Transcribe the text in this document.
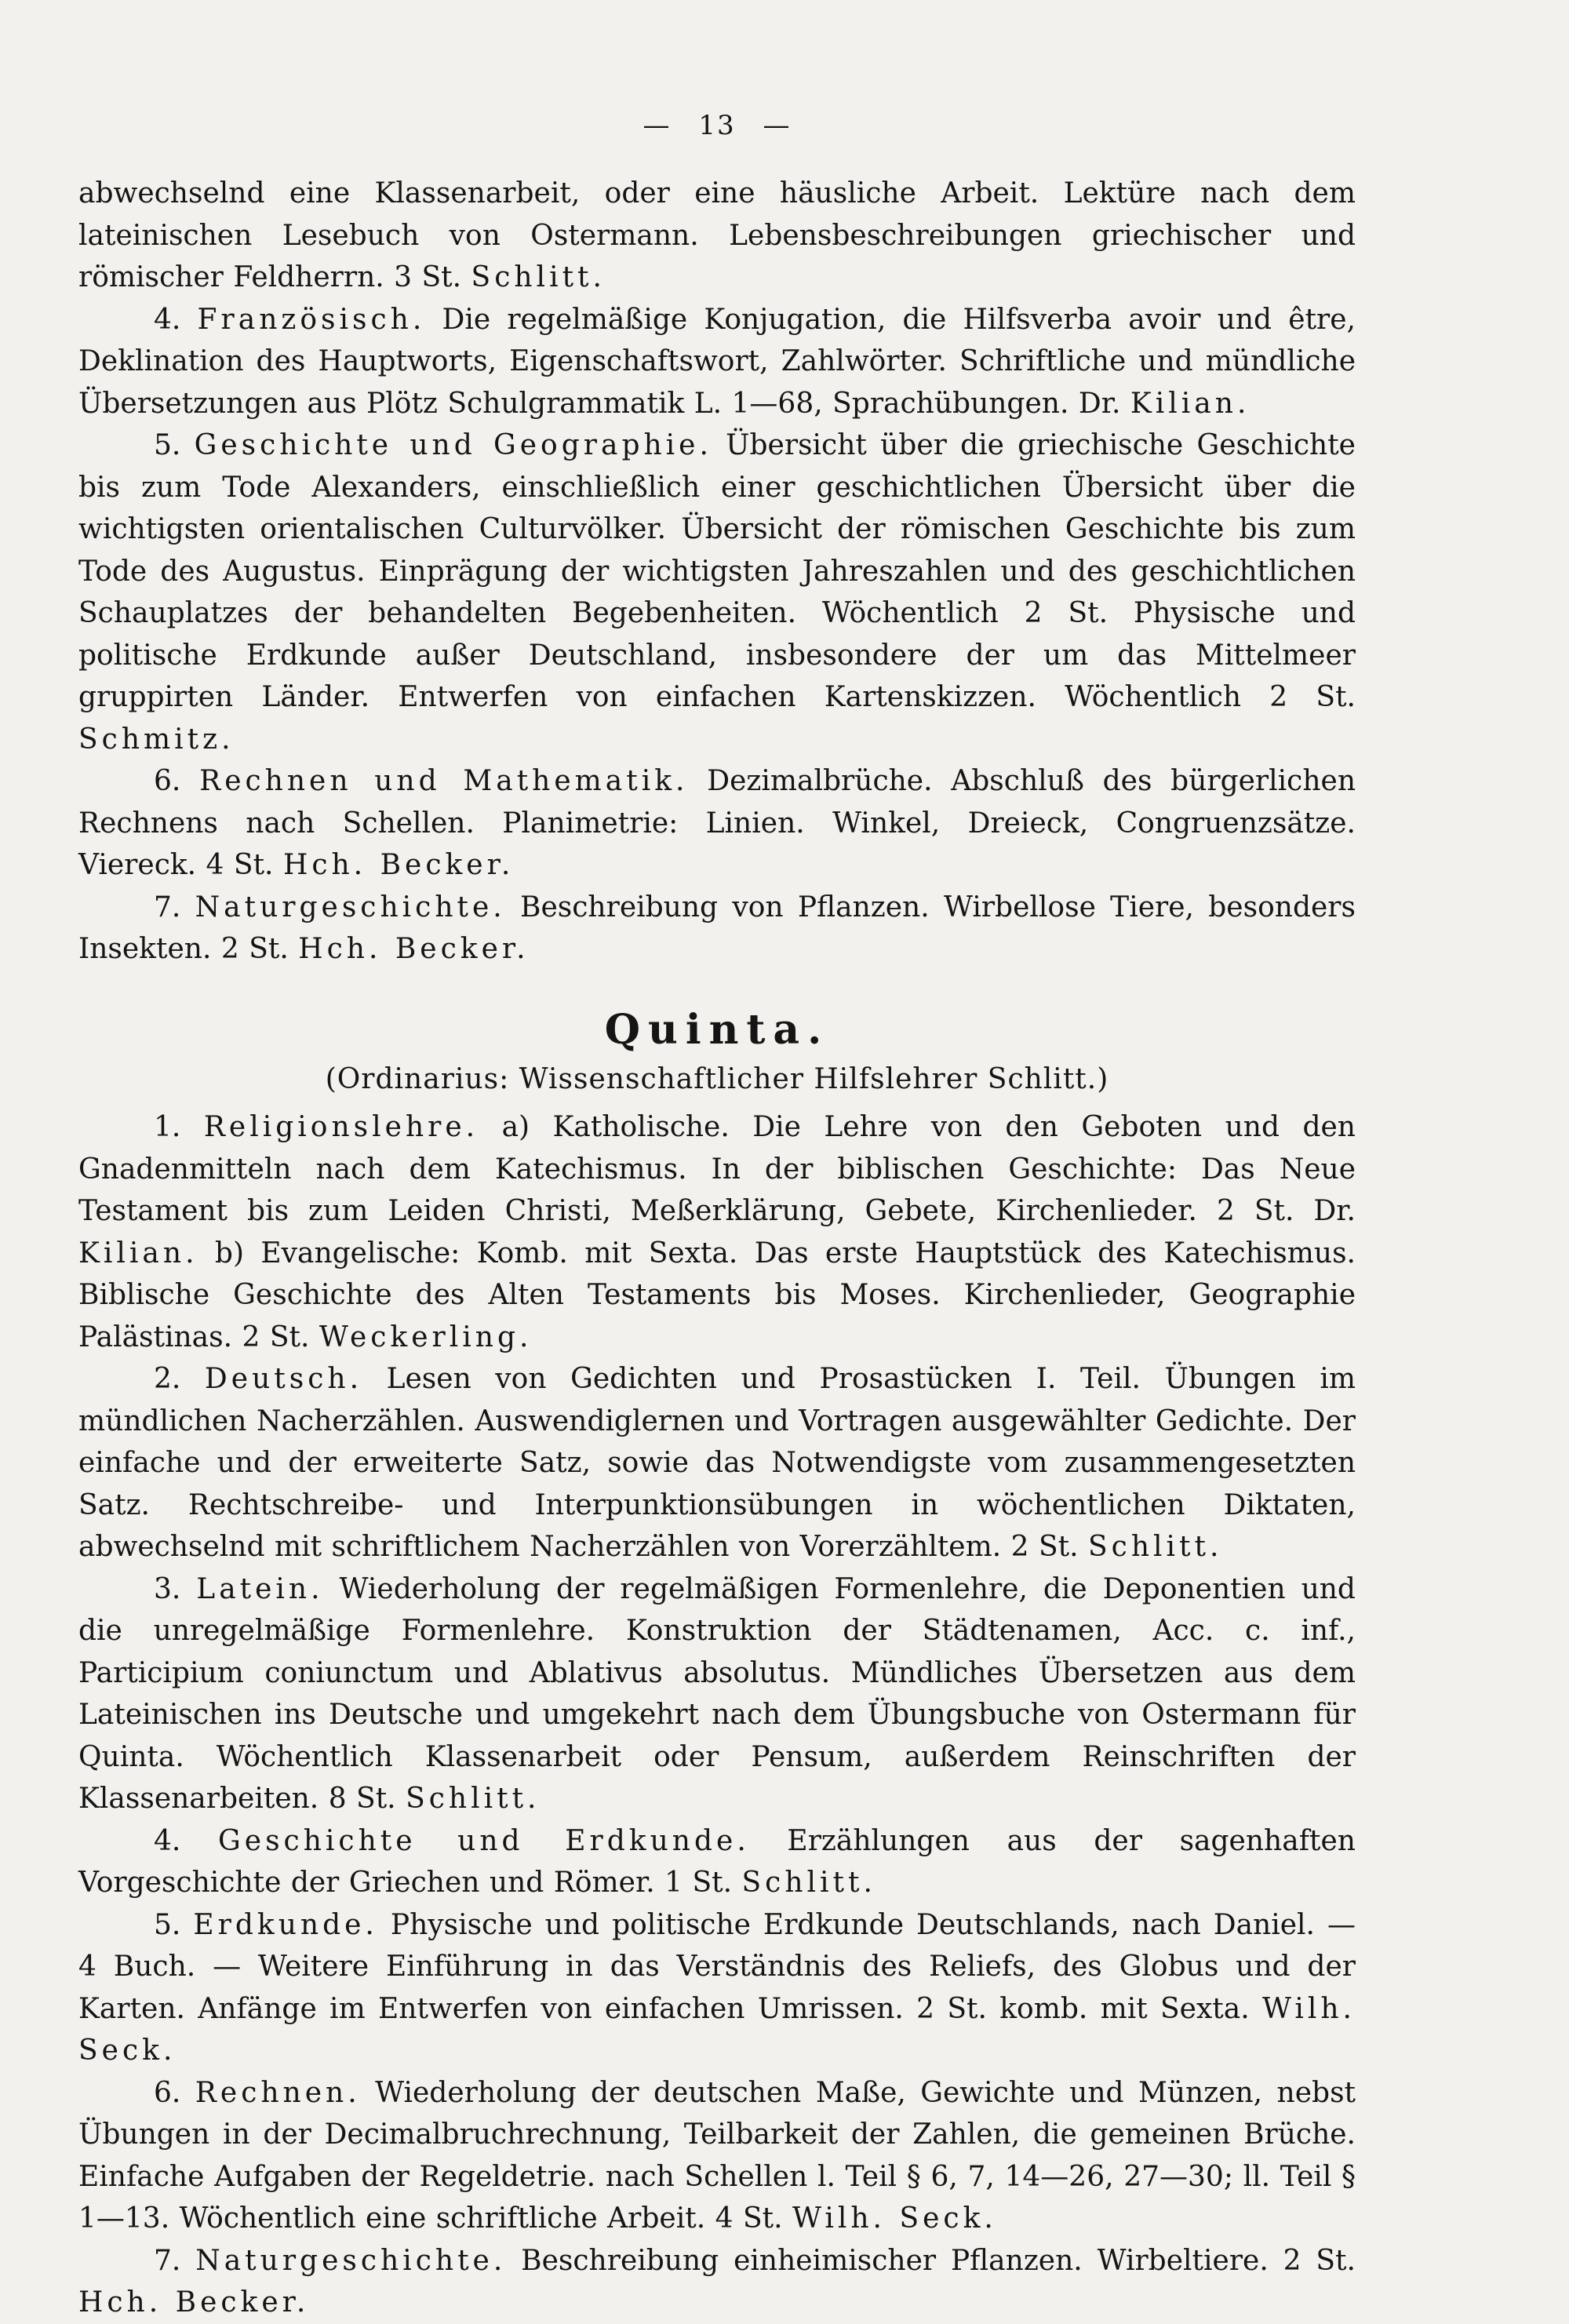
— 13 —

abwechselnd eine Klassenarbeit, oder eine häusliche Arbeit. Lektüre nach dem lateinischen Lesebuch von Ostermann. Lebensbeschreibungen griechischer und römischer Feldherrn. 3 St. Schlitt.

4. Französisch. Die regelmäßige Konjugation, die Hilfsverba avoir und être, Deklination des Hauptworts, Eigenschaftswort, Zahlwörter. Schriftliche und mündliche Übersetzungen aus Plötz Schulgrammatik L. 1—68, Sprachübungen. Dr. Kilian.

5. Geschichte und Geographie. Übersicht über die griechische Geschichte bis zum Tode Alexanders, einschließlich einer geschichtlichen Übersicht über die wichtigsten orientalischen Culturvölker. Übersicht der römischen Geschichte bis zum Tode des Augustus. Einprägung der wichtigsten Jahreszahlen und des geschichtlichen Schauplatzes der behandelten Begebenheiten. Wöchentlich 2 St. Physische und politische Erdkunde außer Deutschland, insbesondere der um das Mittelmeer gruppirten Länder. Entwerfen von einfachen Kartenskizzen. Wöchentlich 2 St. Schmitz.

6. Rechnen und Mathematik. Dezimalbrüche. Abschluß des bürgerlichen Rechnens nach Schellen. Planimetrie: Linien. Winkel, Dreieck, Congruenzsätze. Viereck. 4 St. Hch. Becker.

7. Naturgeschichte. Beschreibung von Pflanzen. Wirbellose Tiere, besonders Insekten. 2 St. Hch. Becker.

Quinta.
(Ordinarius: Wissenschaftlicher Hilfslehrer Schlitt.)

1. Religionslehre. a) Katholische. Die Lehre von den Geboten und den Gnadenmitteln nach dem Katechismus. In der biblischen Geschichte: Das Neue Testament bis zum Leiden Christi, Meßerklärung, Gebete, Kirchenlieder. 2 St. Dr. Kilian. b) Evangelische: Komb. mit Sexta. Das erste Hauptstück des Katechismus. Biblische Geschichte des Alten Testaments bis Moses. Kirchenlieder, Geographie Palästinas. 2 St. Weckerling.

2. Deutsch. Lesen von Gedichten und Prosastücken I. Teil. Übungen im mündlichen Nacherzählen. Auswendiglernen und Vortragen ausgewählter Gedichte. Der einfache und der erweiterte Satz, sowie das Notwendigste vom zusammengesetzten Satz. Rechtschreibe- und Interpunktionsübungen in wöchentlichen Diktaten, abwechselnd mit schriftlichem Nacherzählen von Vorerzähltem. 2 St. Schlitt.

3. Latein. Wiederholung der regelmäßigen Formenlehre, die Deponentien und die unregelmäßige Formenlehre. Konstruktion der Städtenamen, Acc. c. inf., Participium coniunctum und Ablativus absolutus. Mündliches Übersetzen aus dem Lateinischen ins Deutsche und umgekehrt nach dem Übungsbuche von Ostermann für Quinta. Wöchentlich Klassenarbeit oder Pensum, außerdem Reinschriften der Klassenarbeiten. 8 St. Schlitt.

4. Geschichte und Erdkunde. Erzählungen aus der sagenhaften Vorgeschichte der Griechen und Römer. 1 St. Schlitt.

5. Erdkunde. Physische und politische Erdkunde Deutschlands, nach Daniel. — 4 Buch. — Weitere Einführung in das Verständnis des Reliefs, des Globus und der Karten. Anfänge im Entwerfen von einfachen Umrissen. 2 St. komb. mit Sexta. Wilh. Seck.

6. Rechnen. Wiederholung der deutschen Maße, Gewichte und Münzen, nebst Übungen in der Decimalbruchrechnung, Teilbarkeit der Zahlen, die gemeinen Brüche. Einfache Aufgaben der Regeldetrie. nach Schellen l. Teil § 6, 7, 14—26, 27—30; ll. Teil § 1—13. Wöchentlich eine schriftliche Arbeit. 4 St. Wilh. Seck.

7. Naturgeschichte. Beschreibung einheimischer Pflanzen. Wirbeltiere. 2 St. Hch. Becker.
